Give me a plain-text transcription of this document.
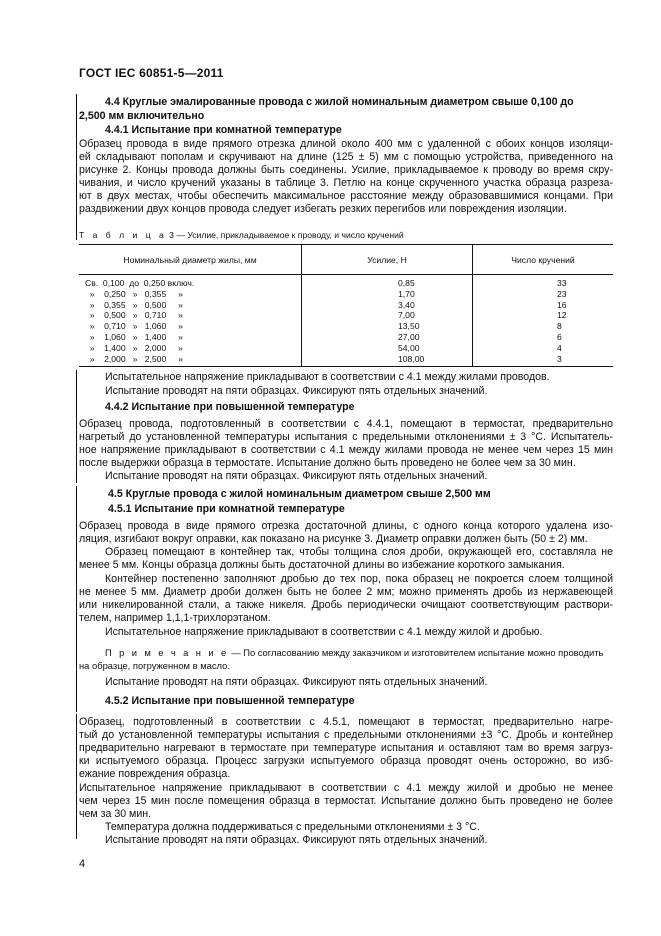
ГОСТ IEC 60851-5—2011
4.4 Круглые эмалированные провода с жилой номинальным диаметром свыше 0,100 до
2,500 мм включительно
4.4.1 Испытание при комнатной температуре
Образец провода в виде прямого отрезка длиной около 400 мм с удаленной с обоих концов изоляци-
ей складывают пополам и скручивают на длине (125 ± 5) мм с помощью устройства, приведенного на
рисунке 2. Концы провода должны быть соединены. Усилие, прикладываемое к проводу во время скру-
чивания, и число кручений указаны в таблице 3. Петлю на конце скрученного участка образца разреза-
ют в двух местах, чтобы обеспечить максимальное расстояние между образовавшимися концами. При
раздвижении двух концов провода следует избегать резких перегибов или повреждения изоляции.
Т а б л и ц а 3 — Усилие, прикладываемое к проводу, и число кручений
Номинальный диаметр жилы, мм	Усилие, Н	Число кручений
Св.  0,100  до  0,250 включ.	0,85	33
»    0,250   »   0,355     »	1,70	23
»    0,355   »   0,500     »	3,40	16
»    0,500   »   0,710     »	7,00	12
»    0,710   »   1,060     »	13,50	8
»    1,060   »   1,400     »	27,00	6
»    1,400   »   2,000     »	54,00	4
»    2,000   »   2,500     »	108,00	3
Испытательное напряжение прикладывают в соответствии с 4.1 между жилами проводов.
Испытание проводят на пяти образцах. Фиксируют пять отдельных значений.
4.4.2 Испытание при повышенной температуре
Образец провода, подготовленный в соответствии с 4.4.1, помещают в термостат, предварительно
нагретый до установленной температуры испытания с предельными отклонениями ± 3 °С. Испытатель-
ное напряжение прикладывают в соответствии с 4.1 между жилами провода не менее чем через 15 мин
после выдержки образца в термостате. Испытание должно быть проведено не более чем за 30 мин.
Испытание проводят на пяти образцах. Фиксируют пять отдельных значений.
4.5 Круглые провода с жилой номинальным диаметром свыше 2,500 мм
4.5.1 Испытание при комнатной температуре
Образец провода в виде прямого отрезка достаточной длины, с одного конца которого удалена изо-
ляция, изгибают вокруг оправки, как показано на рисунке 3. Диаметр оправки должен быть (50 ± 2) мм.
Образец помещают в контейнер так, чтобы толщина слоя дроби, окружающей его, составляла не
менее 5 мм. Концы образца должны быть достаточной длины во избежание короткого замыкания.
Контейнер постепенно заполняют дробью до тех пор, пока образец не покроется слоем толщиной
не менее 5 мм. Диаметр дроби должен быть не более 2 мм; можно применять дробь из нержавеющей
или никелированной стали, а также никеля. Дробь периодически очищают соответствующим раствори-
телем, например 1,1,1-трихлорэтаном.
Испытательное напряжение прикладывают в соответствии с 4.1 между жилой и дробью.
П р и м е ч а н и е — По согласованию между заказчиком и изготовителем испытание можно проводить
на образце, погруженном в масло.
Испытание проводят на пяти образцах. Фиксируют пять отдельных значений.
4.5.2 Испытание при повышенной температуре
Образец, подготовленный в соответствии с 4.5.1, помещают в термостат, предварительно нагре-
тый до установленной температуры испытания с предельными отклонениями ±3 °С. Дробь и контейнер
предварительно нагревают в термостате при температуре испытания и оставляют там во время загруз-
ки испытуемого образца. Процесс загрузки испытуемого образца проводят очень осторожно, во изб-
ежание повреждения образца.
Испытательное напряжение прикладывают в соответствии с 4.1 между жилой и дробью не менее
чем через 15 мин после помещения образца в термостат. Испытание должно быть проведено не более
чем за 30 мин.
Температура должна поддерживаться с предельными отклонениями ± 3 °С.
Испытание проводят на пяти образцах. Фиксируют пять отдельных значений.
4
